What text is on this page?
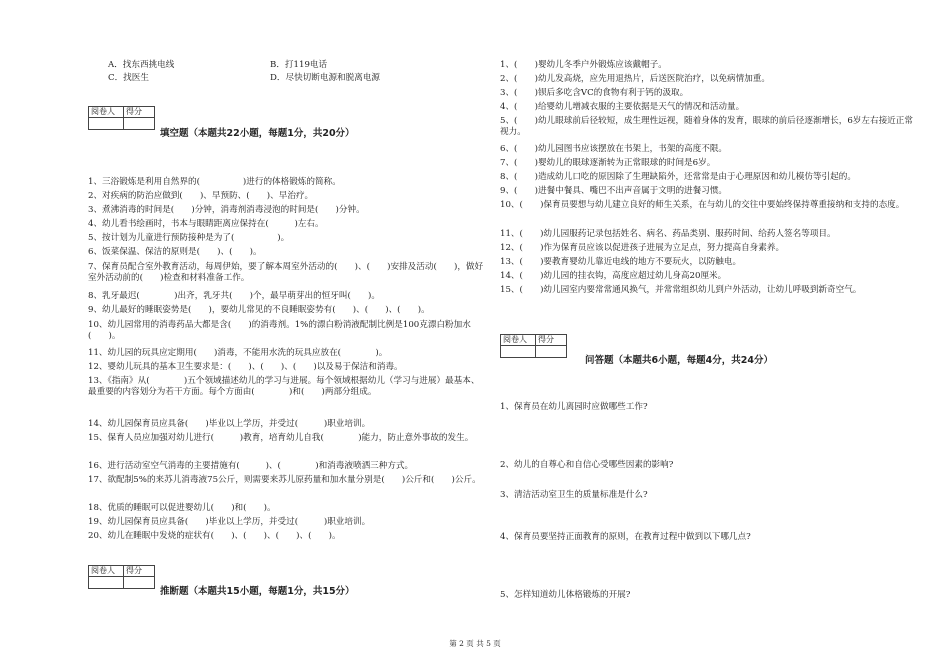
A．找东西挑电线	B．打119电话
C．找医生	D．尽快切断电源和脱离电源
阅卷人	得分

填空题（本题共22小题，每题1分，共20分）
1、三浴锻炼是利用自然界的(　　　　　)进行的体格锻炼的简称。
2、对疾病的防治应做到(　　)、早预防、(　　)、早治疗。
3、煮沸消毒的时间是(　　)分钟，消毒剂消毒浸泡的时间是(　　)分钟。
4、幼儿看书绘画时，书本与眼睛距离应保持在(　　　)左右。
5、按计划为儿童进行预防接种是为了(　　　　　)。
6、饭菜保温、保洁的原则是(　　)、(　　)。
7、保育员配合室外教育活动，每周伊始，要了解本周室外活动的(　　)、(　　)安排及活动(　　)，做好室外活动前的(　　)检查和材料准备工作。
8、乳牙最迟(　　　　)出齐，乳牙共(　　)个，最早萌芽出的恒牙叫(　　)。
9、幼儿最好的睡眠姿势是(　　)，要幼儿常见的不良睡眠姿势有(　　)、(　　)、(　　)。
10、幼儿园常用的消毒药品大都是含(　　)的消毒剂。1%的漂白粉消液配制比例是100克漂白粉加水(　　)。
11、幼儿园的玩具应定期用(　　)消毒，不能用水洗的玩具应放在(　　　　)。
12、婴幼儿玩具的基本卫生要求是：(　　)、(　　)、(　　)以及易于保洁和消毒。
13、《指南》从(　　　　)五个领域描述幼儿的学习与进展。每个领域根据幼儿（学习与进展）最基本、最重要的内容划分为若干方面。每个方面由(　　　　)和(　　)两部分组成。
14、幼儿园保育员应具备(　　)毕业以上学历，并受过(　　　)职业培训。
15、保育人员应加强对幼儿进行(　　　)教育，培育幼儿自我(　　　　)能力，防止意外事故的发生。
16、进行活动室空气消毒的主要措施有(　　　)、(　　　　)和消毒液喷洒三种方式。
17、欲配制5%的来苏儿消毒液75公斤，则需要来苏儿原药量和加水量分别是(　　)公斤和(　　)公斤。
18、优质的睡眠可以促进婴幼儿(　　)和(　　)。
19、幼儿园保育员应具备(　　)毕业以上学历，并受过(　　　)职业培训。
20、幼儿在睡眠中发烧的症状有(　　)、(　　)、(　　)、(　　)。
阅卷人	得分

推断题（本题共15小题，每题1分，共15分）
1、(　　)婴幼儿冬季户外锻炼应该戴帽子。
2、(　　)幼儿发高烧，应先用退热片，后送医院治疗，以免病情加重。
3、(　　)钡后多吃含VC的食物有利于钙的汲取。
4、(　　)给婴幼儿增减衣服的主要依据是天气的情况和活动量。
5、(　　)幼儿眼球前后径较短，成生理性远视，随着身体的发育，眼球的前后径逐渐增长，6岁左右接近正常视力。
6、(　　)幼儿园图书应该摆放在书架上，书架的高度不限。
7、(　　)婴幼儿的眼球逐渐转为正常眼球的时间是6岁。
8、(　　)造成幼儿口吃的原因除了生理缺陷外，还常常是由于心理原因和幼儿模仿等引起的。
9、(　　)进餐中餐具、嘴巴不出声音属于文明的进餐习惯。
10、(　　)保育员要想与幼儿建立良好的师生关系，在与幼儿的交往中要始终保持尊重接纳和支持的态度。
11、(　　)幼儿园服药记录包括姓名、病名、药品类别、服药时间、给药人签名等项目。
12、(　　)作为保育员应该以促进孩子进展为立足点，努力提高自身素养。
13、(　　)要教育婴幼儿靠近电线的地方不要玩火，以防触电。
14、(　　)幼儿园的挂衣钩，高度应超过幼儿身高20厘米。
15、(　　)幼儿园室内要常常通风换气，并常常组织幼儿到户外活动，让幼儿呼吸到新奇空气。
阅卷人	得分

问答题（本题共6小题，每题4分，共24分）
1、保育员在幼儿离园时应做哪些工作?
2、幼儿的自尊心和自信心受哪些因素的影响?
3、清洁活动室卫生的质量标准是什么?
4、保育员要坚持正面教育的原则，在教育过程中做到以下哪几点?
5、怎样知道幼儿体格锻炼的开展?
第 2 页 共 5 页
